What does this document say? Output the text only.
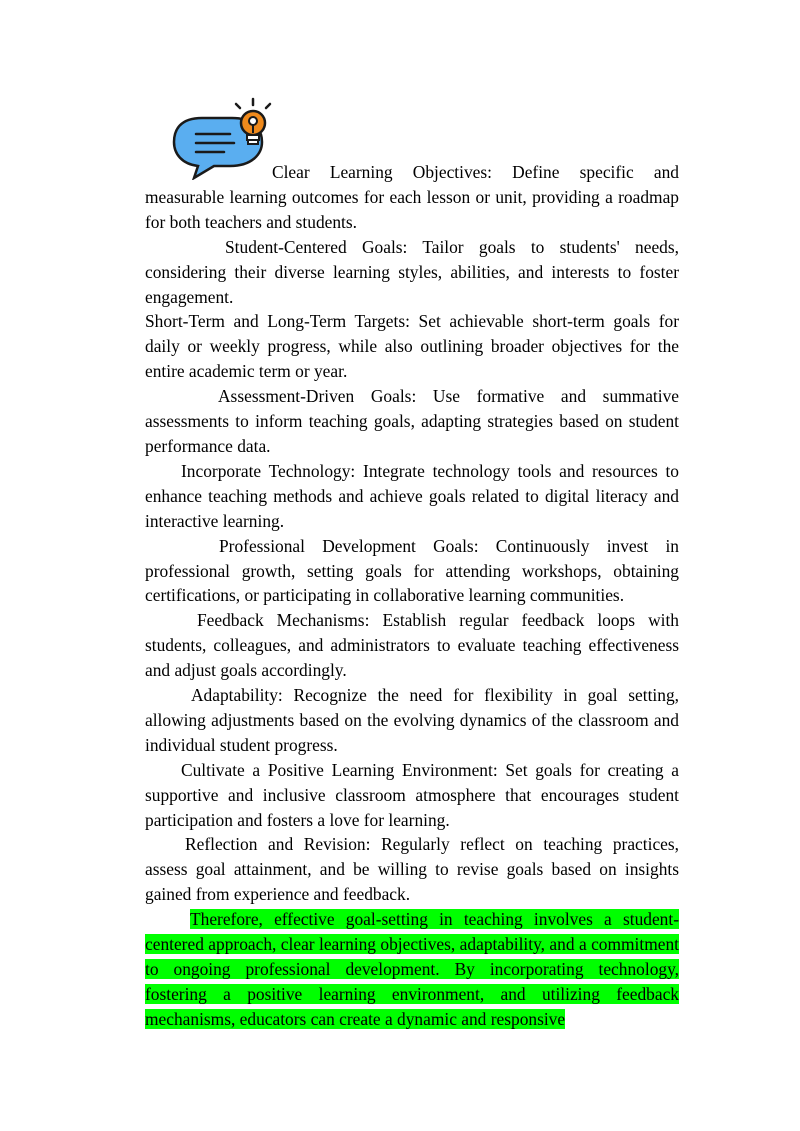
Clear Learning Objectives: Define specific and measurable learning outcomes for each lesson or unit, providing a roadmap for both teachers and students.

Student-Centered Goals: Tailor goals to students' needs, considering their diverse learning styles, abilities, and interests to foster engagement.

Short-Term and Long-Term Targets: Set achievable short-term goals for daily or weekly progress, while also outlining broader objectives for the entire academic term or year.

Assessment-Driven Goals: Use formative and summative assessments to inform teaching goals, adapting strategies based on student performance data.

Incorporate Technology: Integrate technology tools and resources to enhance teaching methods and achieve goals related to digital literacy and interactive learning.

Professional Development Goals: Continuously invest in professional growth, setting goals for attending workshops, obtaining certifications, or participating in collaborative learning communities.

Feedback Mechanisms: Establish regular feedback loops with students, colleagues, and administrators to evaluate teaching effectiveness and adjust goals accordingly.

Adaptability: Recognize the need for flexibility in goal setting, allowing adjustments based on the evolving dynamics of the classroom and individual student progress.

Cultivate a Positive Learning Environment: Set goals for creating a supportive and inclusive classroom atmosphere that encourages student participation and fosters a love for learning.

Reflection and Revision: Regularly reflect on teaching practices, assess goal attainment, and be willing to revise goals based on insights gained from experience and feedback.

Therefore, effective goal-setting in teaching involves a student-centered approach, clear learning objectives, adaptability, and a commitment to ongoing professional development. By incorporating technology, fostering a positive learning environment, and utilizing feedback mechanisms, educators can create a dynamic and responsive
